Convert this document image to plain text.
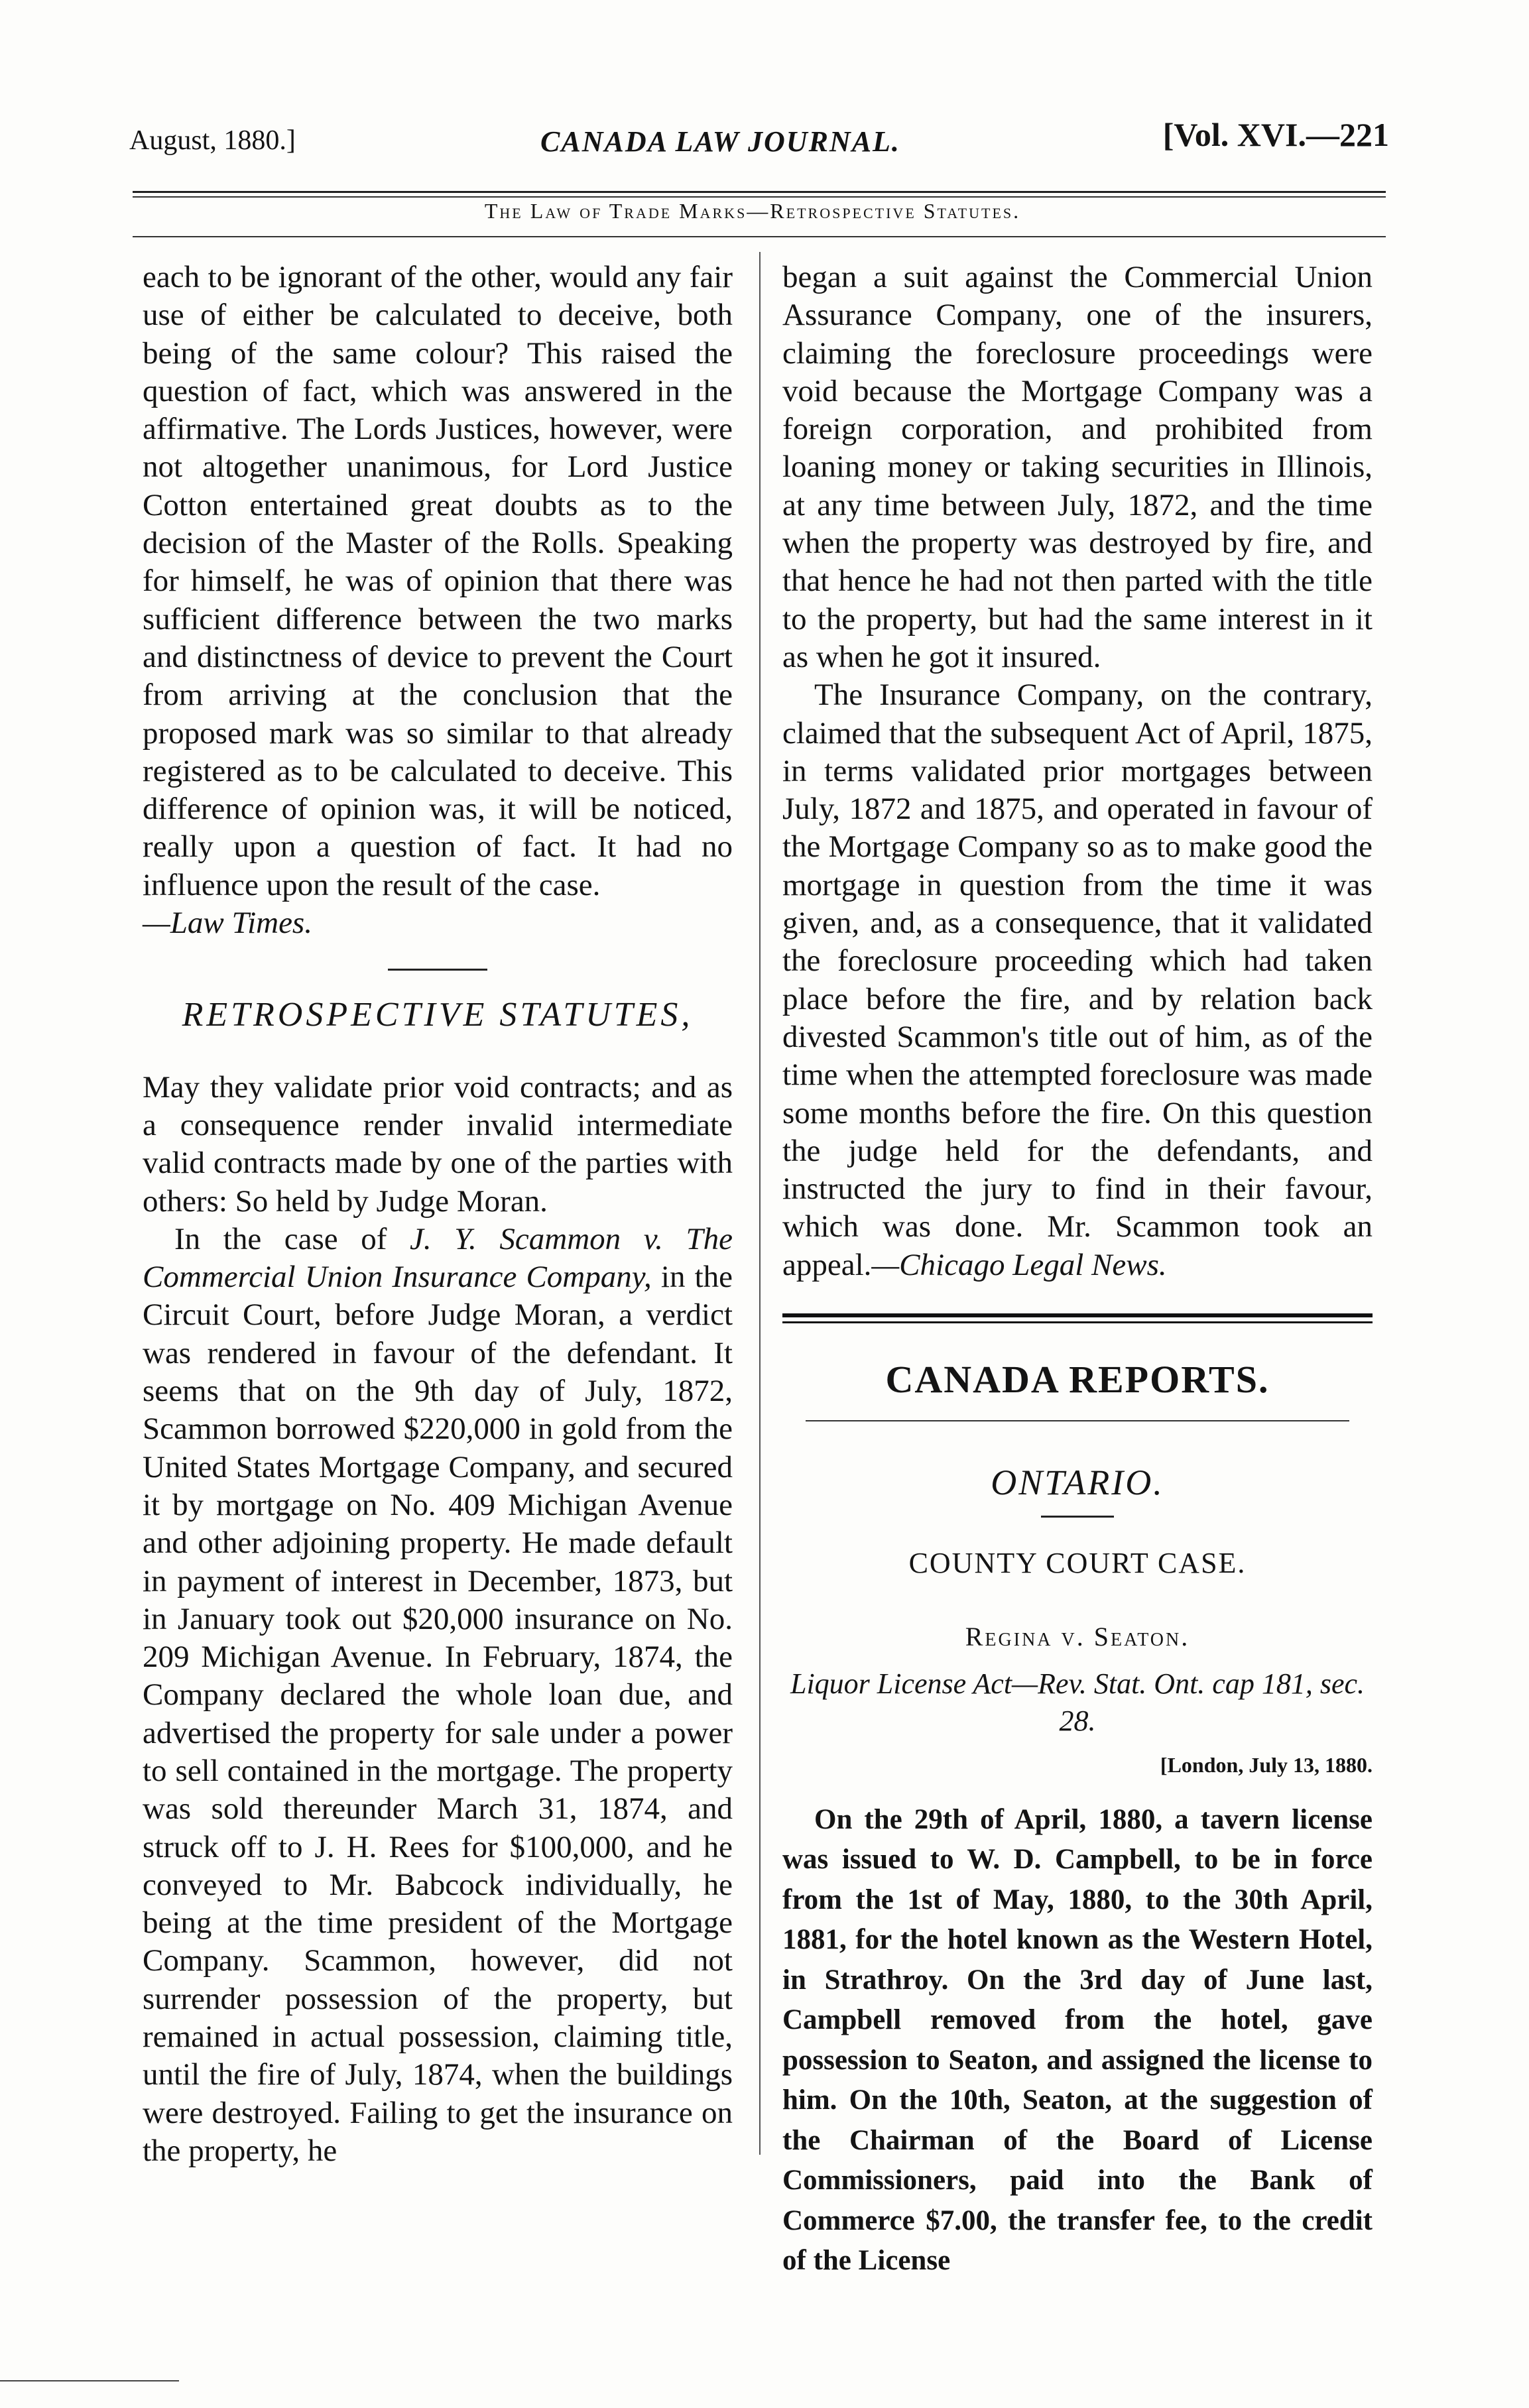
August, 1880.]	CANADA LAW JOURNAL.	[Vol. XVI.—221
The Law of Trade Marks—Retrospective Statutes.

each to be ignorant of the other, would any fair use of either be calculated to deceive, both being of the same colour? This raised the question of fact, which was answered in the affirmative. The Lords Justices, however, were not altogether unanimous, for Lord Justice Cotton entertained great doubts as to the decision of the Master of the Rolls. Speaking for himself, he was of opinion that there was sufficient difference between the two marks and distinctness of device to prevent the Court from arriving at the conclusion that the proposed mark was so similar to that already registered as to be calculated to deceive. This difference of opinion was, it will be noticed, really upon a question of fact. It had no influence upon the result of the case.
—Law Times.

RETROSPECTIVE STATUTES,

May they validate prior void contracts; and as a consequence render invalid intermediate valid contracts made by one of the parties with others: So held by Judge Moran.

In the case of J. Y. Scammon v. The Commercial Union Insurance Company, in the Circuit Court, before Judge Moran, a verdict was rendered in favour of the defendant. It seems that on the 9th day of July, 1872, Scammon borrowed $220,000 in gold from the United States Mortgage Company, and secured it by mortgage on No. 409 Michigan Avenue and other adjoining property. He made default in payment of interest in December, 1873, but in January took out $20,000 insurance on No. 209 Michigan Avenue. In February, 1874, the Company declared the whole loan due, and advertised the property for sale under a power to sell contained in the mortgage. The property was sold thereunder March 31, 1874, and struck off to J. H. Rees for $100,000, and he conveyed to Mr. Babcock individually, he being at the time president of the Mortgage Company. Scammon, however, did not surrender possession of the property, but remained in actual possession, claiming title, until the fire of July, 1874, when the buildings were destroyed. Failing to get the insurance on the property, he

began a suit against the Commercial Union Assurance Company, one of the insurers, claiming the foreclosure proceedings were void because the Mortgage Company was a foreign corporation, and prohibited from loaning money or taking securities in Illinois, at any time between July, 1872, and the time when the property was destroyed by fire, and that hence he had not then parted with the title to the property, but had the same interest in it as when he got it insured.

The Insurance Company, on the contrary, claimed that the subsequent Act of April, 1875, in terms validated prior mortgages between July, 1872 and 1875, and operated in favour of the Mortgage Company so as to make good the mortgage in question from the time it was given, and, as a consequence, that it validated the foreclosure proceeding which had taken place before the fire, and by relation back divested Scammon's title out of him, as of the time when the attempted foreclosure was made some months before the fire. On this question the judge held for the defendants, and instructed the jury to find in their favour, which was done. Mr. Scammon took an appeal.—Chicago Legal News.

CANADA REPORTS.
ONTARIO.
COUNTY COURT CASE.
Regina v. Seaton.
Liquor License Act—Rev. Stat. Ont. cap 181, sec. 28.
[London, July 13, 1880.

On the 29th of April, 1880, a tavern license was issued to W. D. Campbell, to be in force from the 1st of May, 1880, to the 30th April, 1881, for the hotel known as the Western Hotel, in Strathroy. On the 3rd day of June last, Campbell removed from the hotel, gave possession to Seaton, and assigned the license to him. On the 10th, Seaton, at the suggestion of the Chairman of the Board of License Commissioners, paid into the Bank of Commerce $7.00, the transfer fee, to the credit of the License
